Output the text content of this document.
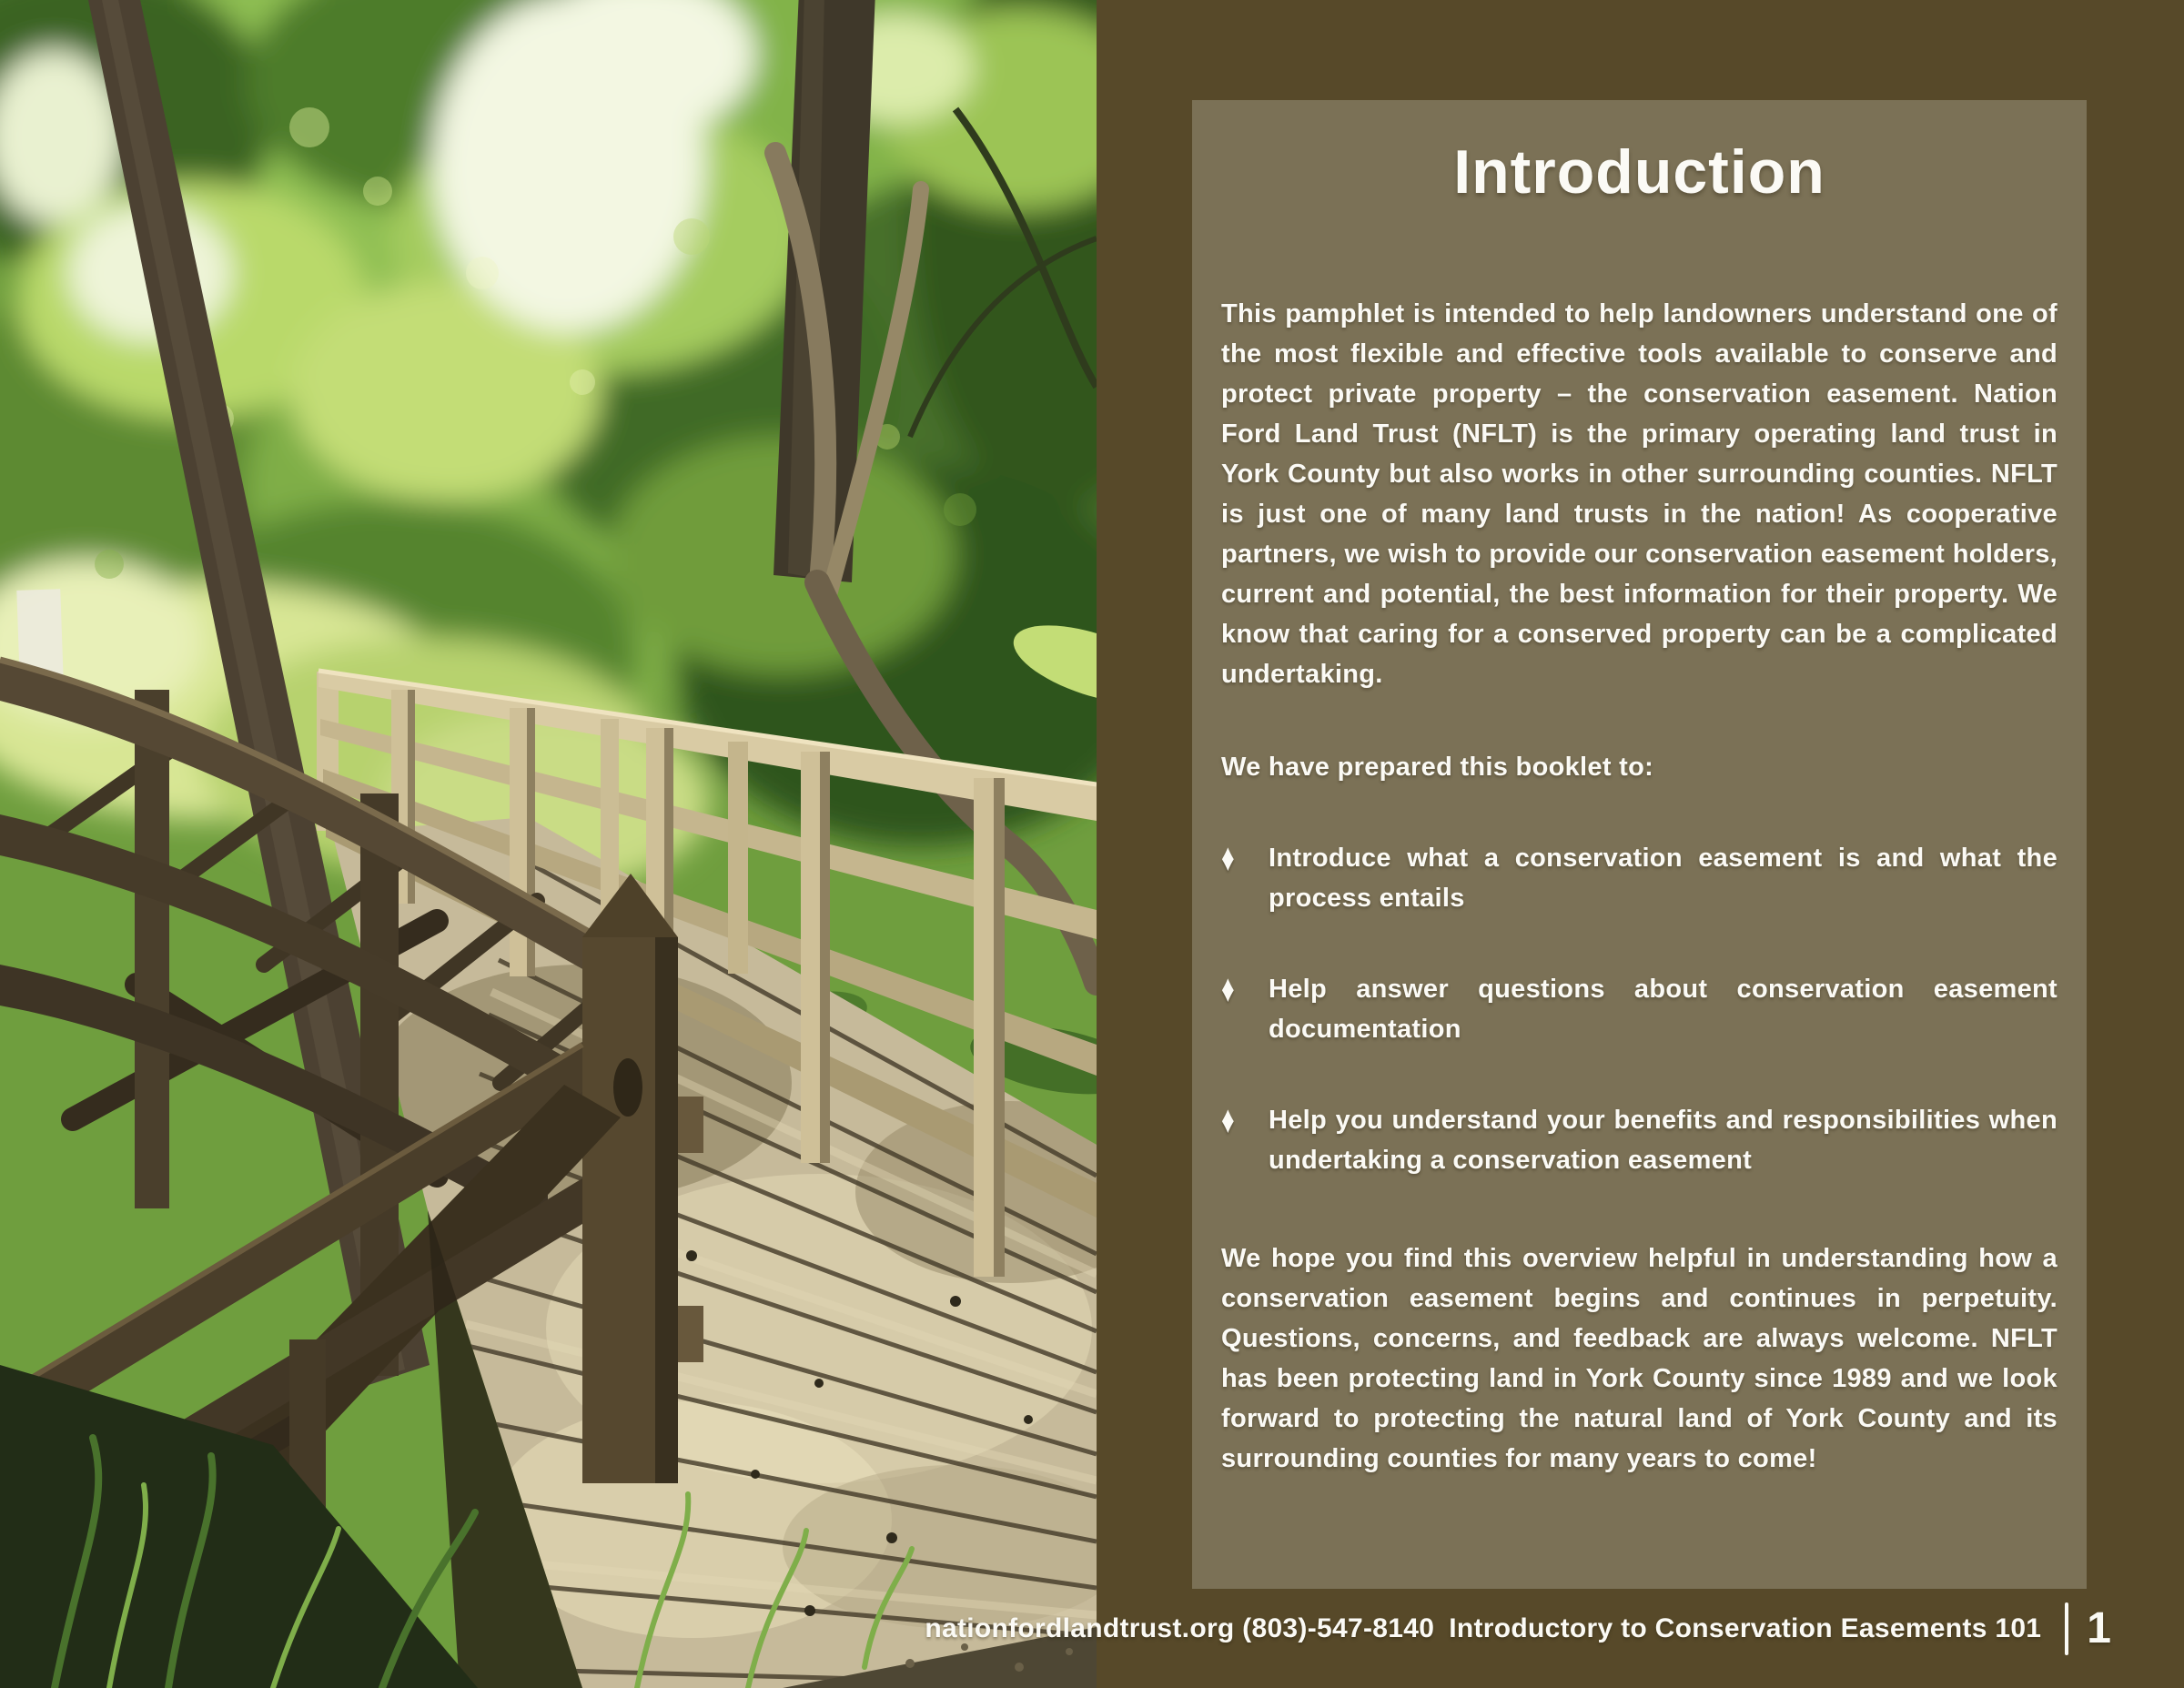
Introduction

This pamphlet is intended to help landowners understand one of the most flexible and effective tools available to conserve and protect private property – the conservation easement. Nation Ford Land Trust (NFLT) is the primary operating land trust in York County but also works in other surrounding counties. NFLT is just one of many land trusts in the nation! As cooperative partners, we wish to provide our conservation easement holders, current and potential, the best information for their property. We know that caring for a conserved property can be a complicated undertaking.

We have prepared this booklet to:

♦	Introduce what a conservation easement is and what the process entails
♦	Help answer questions about conservation easement documentation
♦	Help you understand your benefits and responsibilities when undertaking a conservation easement

We hope you find this overview helpful in understanding how a conservation easement begins and continues in perpetuity. Questions, concerns, and feedback are always welcome. NFLT has been protecting land in York County since 1989 and we look forward to protecting the natural land of York County and its surrounding counties for many years to come!

nationfordlandtrust.org (803)-547-8140 Introductory to Conservation Easements 101 1
